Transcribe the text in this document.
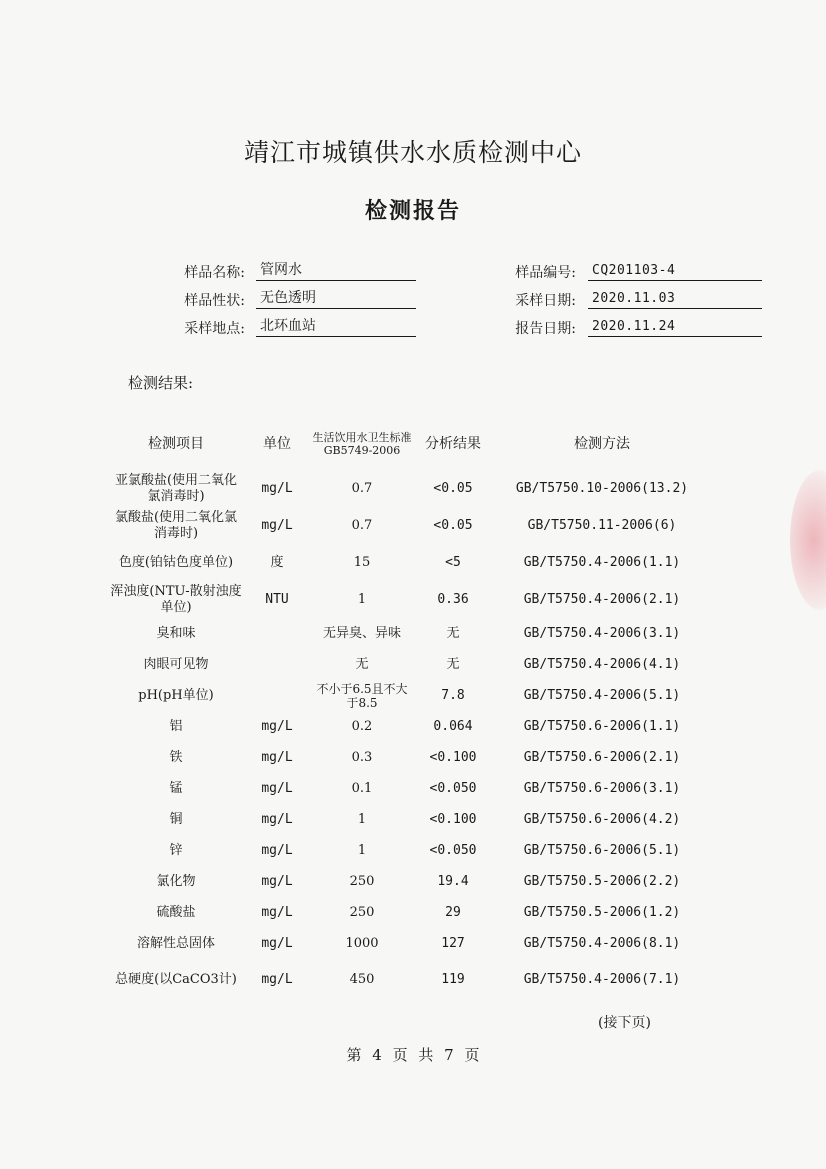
靖江市城镇供水水质检测中心
检测报告
样品名称: 管网水
样品性状: 无色透明
采样地点: 北环血站
样品编号:	CQ201103-4
采样日期:	2020.11.03
报告日期:	2020.11.24
检测结果:
检测项目	单位	生活饮用水卫生标准GB5749-2006	分析结果	检测方法
亚氯酸盐(使用二氧化氯消毒时)	mg/L	0.7	<0.05	GB/T5750.10-2006(13.2)
氯酸盐(使用二氧化氯消毒时)	mg/L	0.7	<0.05	GB/T5750.11-2006(6)
色度(铂钴色度单位)	度	15	<5	GB/T5750.4-2006(1.1)
浑浊度(NTU-散射浊度单位)	NTU	1	0.36	GB/T5750.4-2006(2.1)
臭和味		无异臭、异味	无	GB/T5750.4-2006(3.1)
肉眼可见物		无	无	GB/T5750.4-2006(4.1)
pH(pH单位)		不小于6.5且不大于8.5	7.8	GB/T5750.4-2006(5.1)
铝	mg/L	0.2	0.064	GB/T5750.6-2006(1.1)
铁	mg/L	0.3	<0.100	GB/T5750.6-2006(2.1)
锰	mg/L	0.1	<0.050	GB/T5750.6-2006(3.1)
铜	mg/L	1	<0.100	GB/T5750.6-2006(4.2)
锌	mg/L	1	<0.050	GB/T5750.6-2006(5.1)
氯化物	mg/L	250	19.4	GB/T5750.5-2006(2.2)
硫酸盐	mg/L	250	29	GB/T5750.5-2006(1.2)
溶解性总固体	mg/L	1000	127	GB/T5750.4-2006(8.1)
总硬度(以CaCO3计)	mg/L	450	119	GB/T5750.4-2006(7.1)
(接下页)
第 4 页 共 7 页
